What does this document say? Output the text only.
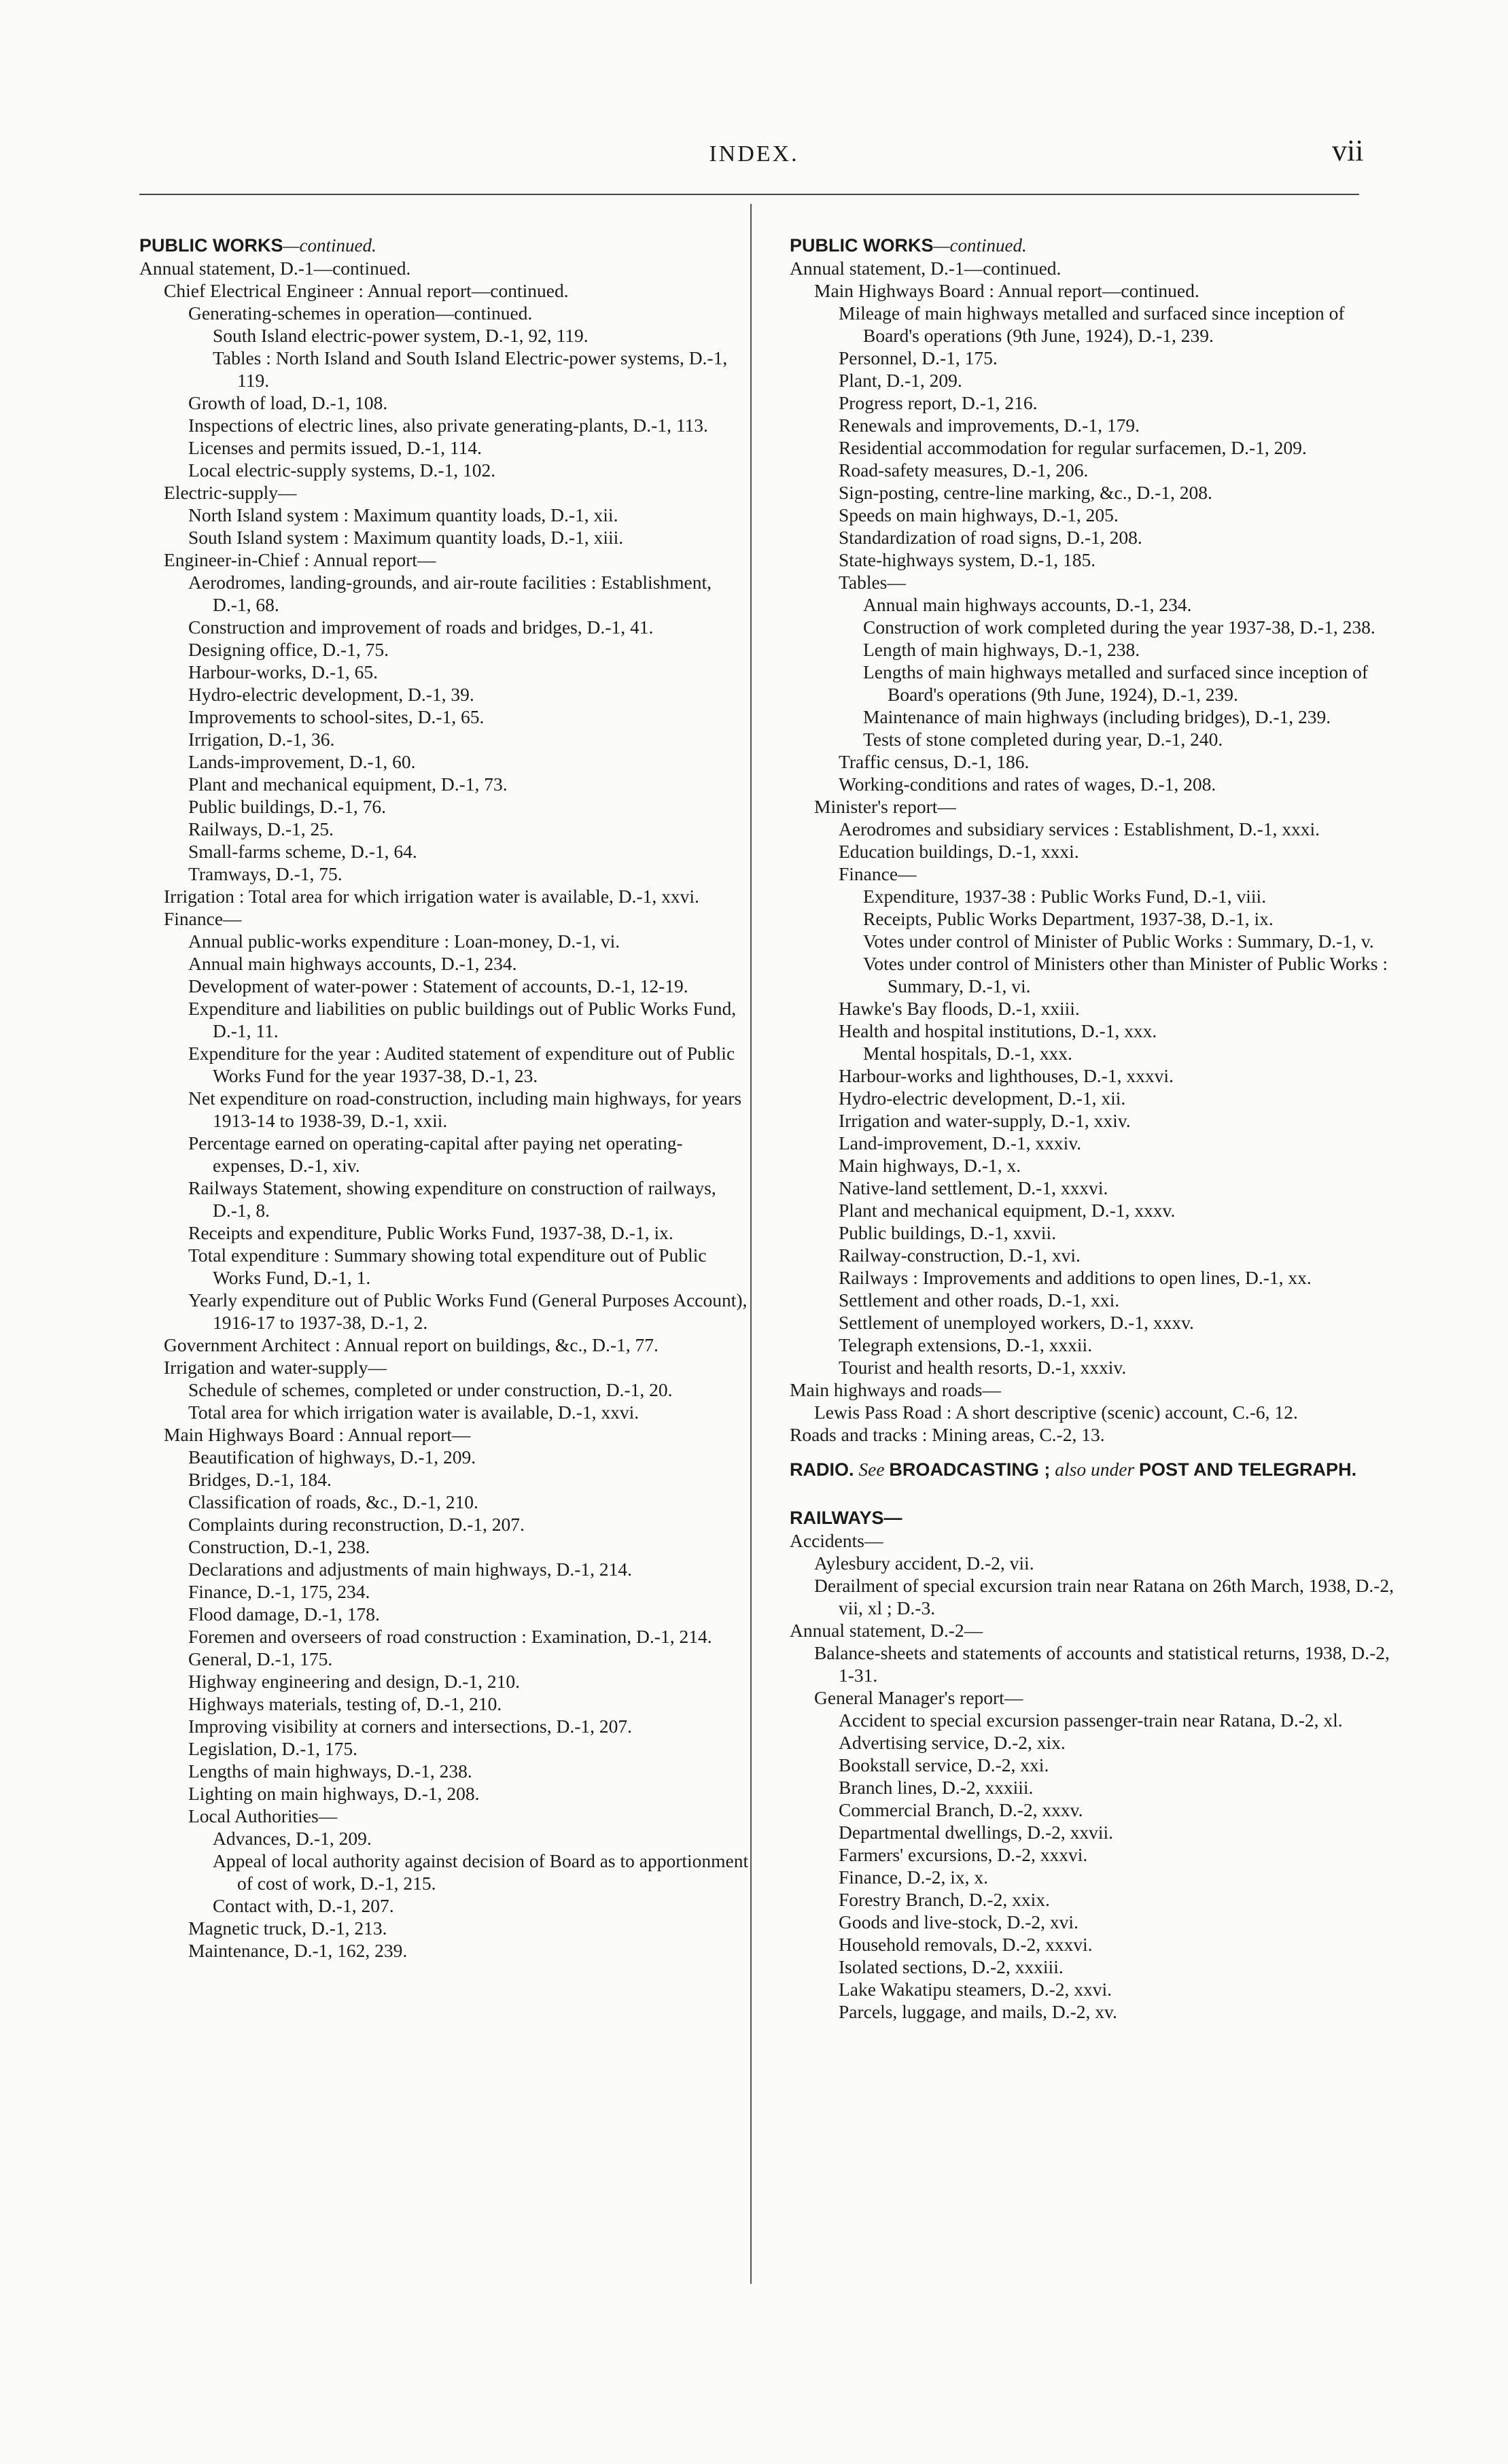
INDEX.	vii
PUBLIC WORKS—continued.
Annual statement, D.-1—continued.
Chief Electrical Engineer : Annual report—continued.
Generating-schemes in operation—continued.
South Island electric-power system, D.-1, 92, 119.
Tables : North Island and South Island Electric-power systems, D.-1, 119.
Growth of load, D.-1, 108.
Inspections of electric lines, also private generating-plants, D.-1, 113.
Licenses and permits issued, D.-1, 114.
Local electric-supply systems, D.-1, 102.
Electric-supply—
North Island system : Maximum quantity loads, D.-1, xii.
South Island system : Maximum quantity loads, D.-1, xiii.
Engineer-in-Chief : Annual report—
Aerodromes, landing-grounds, and air-route facilities : Establishment, D.-1, 68.
Construction and improvement of roads and bridges, D.-1, 41.
Designing office, D.-1, 75.
Harbour-works, D.-1, 65.
Hydro-electric development, D.-1, 39.
Improvements to school-sites, D.-1, 65.
Irrigation, D.-1, 36.
Lands-improvement, D.-1, 60.
Plant and mechanical equipment, D.-1, 73.
Public buildings, D.-1, 76.
Railways, D.-1, 25.
Small-farms scheme, D.-1, 64.
Tramways, D.-1, 75.
Irrigation : Total area for which irrigation water is available, D.-1, xxvi.
Finance—
Annual public-works expenditure : Loan-money, D.-1, vi.
Annual main highways accounts, D.-1, 234.
Development of water-power : Statement of accounts, D.-1, 12-19.
Expenditure and liabilities on public buildings out of Public Works Fund, D.-1, 11.
Expenditure for the year : Audited statement of expenditure out of Public Works Fund for the year 1937-38, D.-1, 23.
Net expenditure on road-construction, including main highways, for years 1913-14 to 1938-39, D.-1, xxii.
Percentage earned on operating-capital after paying net operating-expenses, D.-1, xiv.
Railways Statement, showing expenditure on construction of railways, D.-1, 8.
Receipts and expenditure, Public Works Fund, 1937-38, D.-1, ix.
Total expenditure : Summary showing total expenditure out of Public Works Fund, D.-1, 1.
Yearly expenditure out of Public Works Fund (General Purposes Account), 1916-17 to 1937-38, D.-1, 2.
Government Architect : Annual report on buildings, &c., D.-1, 77.
Irrigation and water-supply—
Schedule of schemes, completed or under construction, D.-1, 20.
Total area for which irrigation water is available, D.-1, xxvi.
Main Highways Board : Annual report—
Beautification of highways, D.-1, 209.
Bridges, D.-1, 184.
Classification of roads, &c., D.-1, 210.
Complaints during reconstruction, D.-1, 207.
Construction, D.-1, 238.
Declarations and adjustments of main highways, D.-1, 214.
Finance, D.-1, 175, 234.
Flood damage, D.-1, 178.
Foremen and overseers of road construction : Examination, D.-1, 214.
General, D.-1, 175.
Highway engineering and design, D.-1, 210.
Highways materials, testing of, D.-1, 210.
Improving visibility at corners and intersections, D.-1, 207.
Legislation, D.-1, 175.
Lengths of main highways, D.-1, 238.
Lighting on main highways, D.-1, 208.
Local Authorities—
Advances, D.-1, 209.
Appeal of local authority against decision of Board as to apportionment of cost of work, D.-1, 215.
Contact with, D.-1, 207.
Magnetic truck, D.-1, 213.
Maintenance, D.-1, 162, 239.
PUBLIC WORKS—continued.
Annual statement, D.-1—continued.
Main Highways Board : Annual report—continued.
Mileage of main highways metalled and surfaced since inception of Board's operations (9th June, 1924), D.-1, 239.
Personnel, D.-1, 175.
Plant, D.-1, 209.
Progress report, D.-1, 216.
Renewals and improvements, D.-1, 179.
Residential accommodation for regular surfacemen, D.-1, 209.
Road-safety measures, D.-1, 206.
Sign-posting, centre-line marking, &c., D.-1, 208.
Speeds on main highways, D.-1, 205.
Standardization of road signs, D.-1, 208.
State-highways system, D.-1, 185.
Tables—
Annual main highways accounts, D.-1, 234.
Construction of work completed during the year 1937-38, D.-1, 238.
Length of main highways, D.-1, 238.
Lengths of main highways metalled and surfaced since inception of Board's operations (9th June, 1924), D.-1, 239.
Maintenance of main highways (including bridges), D.-1, 239.
Tests of stone completed during year, D.-1, 240.
Traffic census, D.-1, 186.
Working-conditions and rates of wages, D.-1, 208.
Minister's report—
Aerodromes and subsidiary services : Establishment, D.-1, xxxi.
Education buildings, D.-1, xxxi.
Finance—
Expenditure, 1937-38 : Public Works Fund, D.-1, viii.
Receipts, Public Works Department, 1937-38, D.-1, ix.
Votes under control of Minister of Public Works : Summary, D.-1, v.
Votes under control of Ministers other than Minister of Public Works : Summary, D.-1, vi.
Hawke's Bay floods, D.-1, xxiii.
Health and hospital institutions, D.-1, xxx.
Mental hospitals, D.-1, xxx.
Harbour-works and lighthouses, D.-1, xxxvi.
Hydro-electric development, D.-1, xii.
Irrigation and water-supply, D.-1, xxiv.
Land-improvement, D.-1, xxxiv.
Main highways, D.-1, x.
Native-land settlement, D.-1, xxxvi.
Plant and mechanical equipment, D.-1, xxxv.
Public buildings, D.-1, xxvii.
Railway-construction, D.-1, xvi.
Railways : Improvements and additions to open lines, D.-1, xx.
Settlement and other roads, D.-1, xxi.
Settlement of unemployed workers, D.-1, xxxv.
Telegraph extensions, D.-1, xxxii.
Tourist and health resorts, D.-1, xxxiv.
Main highways and roads—
Lewis Pass Road : A short descriptive (scenic) account, C.-6, 12.
Roads and tracks : Mining areas, C.-2, 13.
RADIO. See BROADCASTING ; also under POST AND TELEGRAPH.
RAILWAYS—
Accidents—
Aylesbury accident, D.-2, vii.
Derailment of special excursion train near Ratana on 26th March, 1938, D.-2, vii, xl ; D.-3.
Annual statement, D.-2—
Balance-sheets and statements of accounts and statistical returns, 1938, D.-2, 1-31.
General Manager's report—
Accident to special excursion passenger-train near Ratana, D.-2, xl.
Advertising service, D.-2, xix.
Bookstall service, D.-2, xxi.
Branch lines, D.-2, xxxiii.
Commercial Branch, D.-2, xxxv.
Departmental dwellings, D.-2, xxvii.
Farmers' excursions, D.-2, xxxvi.
Finance, D.-2, ix, x.
Forestry Branch, D.-2, xxix.
Goods and live-stock, D.-2, xvi.
Household removals, D.-2, xxxvi.
Isolated sections, D.-2, xxxiii.
Lake Wakatipu steamers, D.-2, xxvi.
Parcels, luggage, and mails, D.-2, xv.
